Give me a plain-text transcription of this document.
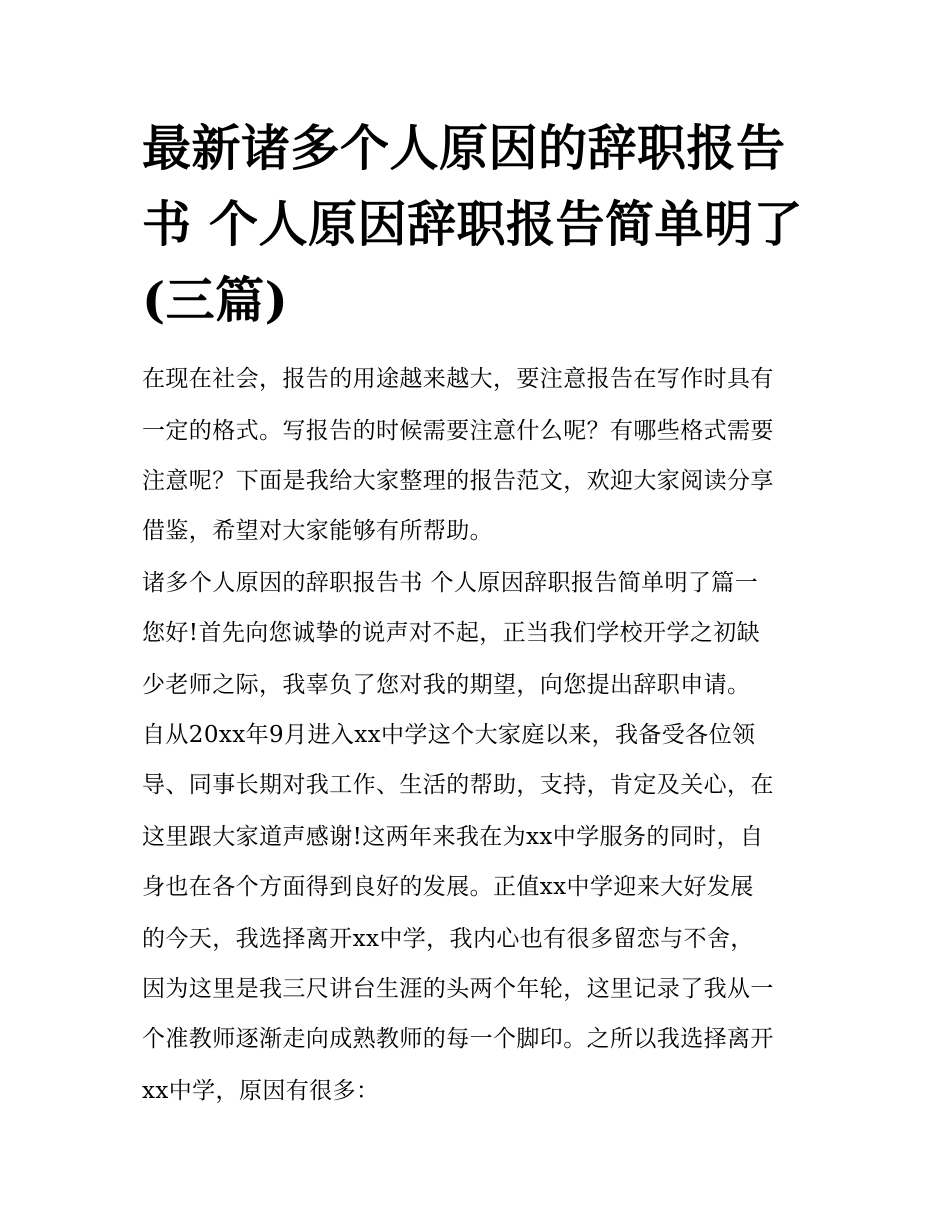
最新诸多个人原因的辞职报告
书 个人原因辞职报告简单明了
(三篇)
在现在社会，报告的用途越来越大，要注意报告在写作时具有
一定的格式。写报告的时候需要注意什么呢？有哪些格式需要
注意呢？下面是我给大家整理的报告范文，欢迎大家阅读分享
借鉴，希望对大家能够有所帮助。
诸多个人原因的辞职报告书 个人原因辞职报告简单明了篇一
您好!首先向您诚挚的说声对不起，正当我们学校开学之初缺
少老师之际，我辜负了您对我的期望，向您提出辞职申请。
自从20xx年9月进入xx中学这个大家庭以来，我备受各位领
导、同事长期对我工作、生活的帮助，支持，肯定及关心，在
这里跟大家道声感谢!这两年来我在为xx中学服务的同时，自
身也在各个方面得到良好的发展。正值xx中学迎来大好发展
的今天，我选择离开xx中学，我内心也有很多留恋与不舍，
因为这里是我三尺讲台生涯的头两个年轮，这里记录了我从一
个准教师逐渐走向成熟教师的每一个脚印。之所以我选择离开
xx中学，原因有很多：
